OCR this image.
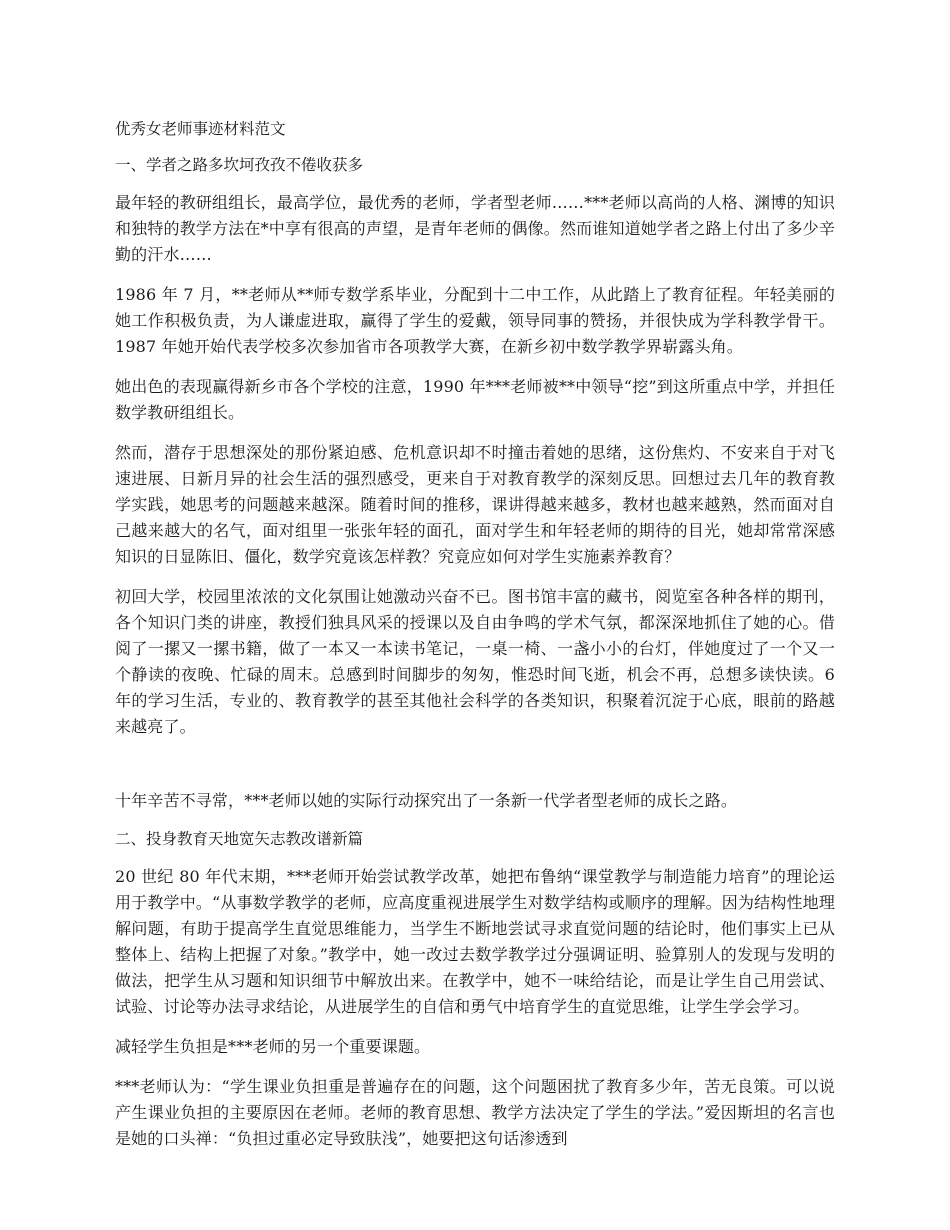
优秀女老师事迹材料范文
一、学者之路多坎坷孜孜不倦收获多
最年轻的教研组组长，最高学位，最优秀的老师，学者型老师……***老师以高尚的人格、渊博的知识和独特的教学方法在*中享有很高的声望，是青年老师的偶像。然而谁知道她学者之路上付出了多少辛勤的汗水……
1986 年 7 月，**老师从**师专数学系毕业，分配到十二中工作，从此踏上了教育征程。年轻美丽的她工作积极负责，为人谦虚进取，赢得了学生的爱戴，领导同事的赞扬，并很快成为学科教学骨干。1987 年她开始代表学校多次参加省市各项教学大赛，在新乡初中数学教学界崭露头角。
她出色的表现赢得新乡市各个学校的注意，1990 年***老师被**中领导“挖”到这所重点中学，并担任数学教研组组长。
然而，潜存于思想深处的那份紧迫感、危机意识却不时撞击着她的思绪，这份焦灼、不安来自于对飞速进展、日新月异的社会生活的强烈感受，更来自于对教育教学的深刻反思。回想过去几年的教育教学实践，她思考的问题越来越深。随着时间的推移，课讲得越来越多，教材也越来越熟，然而面对自己越来越大的名气，面对组里一张张年轻的面孔，面对学生和年轻老师的期待的目光，她却常常深感知识的日显陈旧、僵化，数学究竟该怎样教？究竟应如何对学生实施素养教育？
初回大学，校园里浓浓的文化氛围让她激动兴奋不已。图书馆丰富的藏书，阅览室各种各样的期刊，各个知识门类的讲座，教授们独具风采的授课以及自由争鸣的学术气氛，都深深地抓住了她的心。借阅了一摞又一摞书籍，做了一本又一本读书笔记，一桌一椅、一盏小小的台灯，伴她度过了一个又一个静读的夜晚、忙碌的周末。总感到时间脚步的匆匆，惟恐时间飞逝，机会不再，总想多读快读。6 年的学习生活，专业的、教育教学的甚至其他社会科学的各类知识，积聚着沉淀于心底，眼前的路越来越亮了。
十年辛苦不寻常，***老师以她的实际行动探究出了一条新一代学者型老师的成长之路。
二、投身教育天地宽矢志教改谱新篇
20 世纪 80 年代末期，***老师开始尝试教学改革，她把布鲁纳“课堂教学与制造能力培育”的理论运用于教学中。“从事数学教学的老师，应高度重视进展学生对数学结构或顺序的理解。因为结构性地理解问题，有助于提高学生直觉思维能力，当学生不断地尝试寻求直觉问题的结论时，他们事实上已从整体上、结构上把握了对象。”教学中，她一改过去数学教学过分强调证明、验算别人的发现与发明的做法，把学生从习题和知识细节中解放出来。在教学中，她不一味给结论，而是让学生自己用尝试、试验、讨论等办法寻求结论，从进展学生的自信和勇气中培育学生的直觉思维，让学生学会学习。
减轻学生负担是***老师的另一个重要课题。
***老师认为：“学生课业负担重是普遍存在的问题，这个问题困扰了教育多少年，苦无良策。可以说产生课业负担的主要原因在老师。老师的教育思想、教学方法决定了学生的学法。”爱因斯坦的名言也是她的口头禅：“负担过重必定导致肤浅”，她要把这句话渗透到
